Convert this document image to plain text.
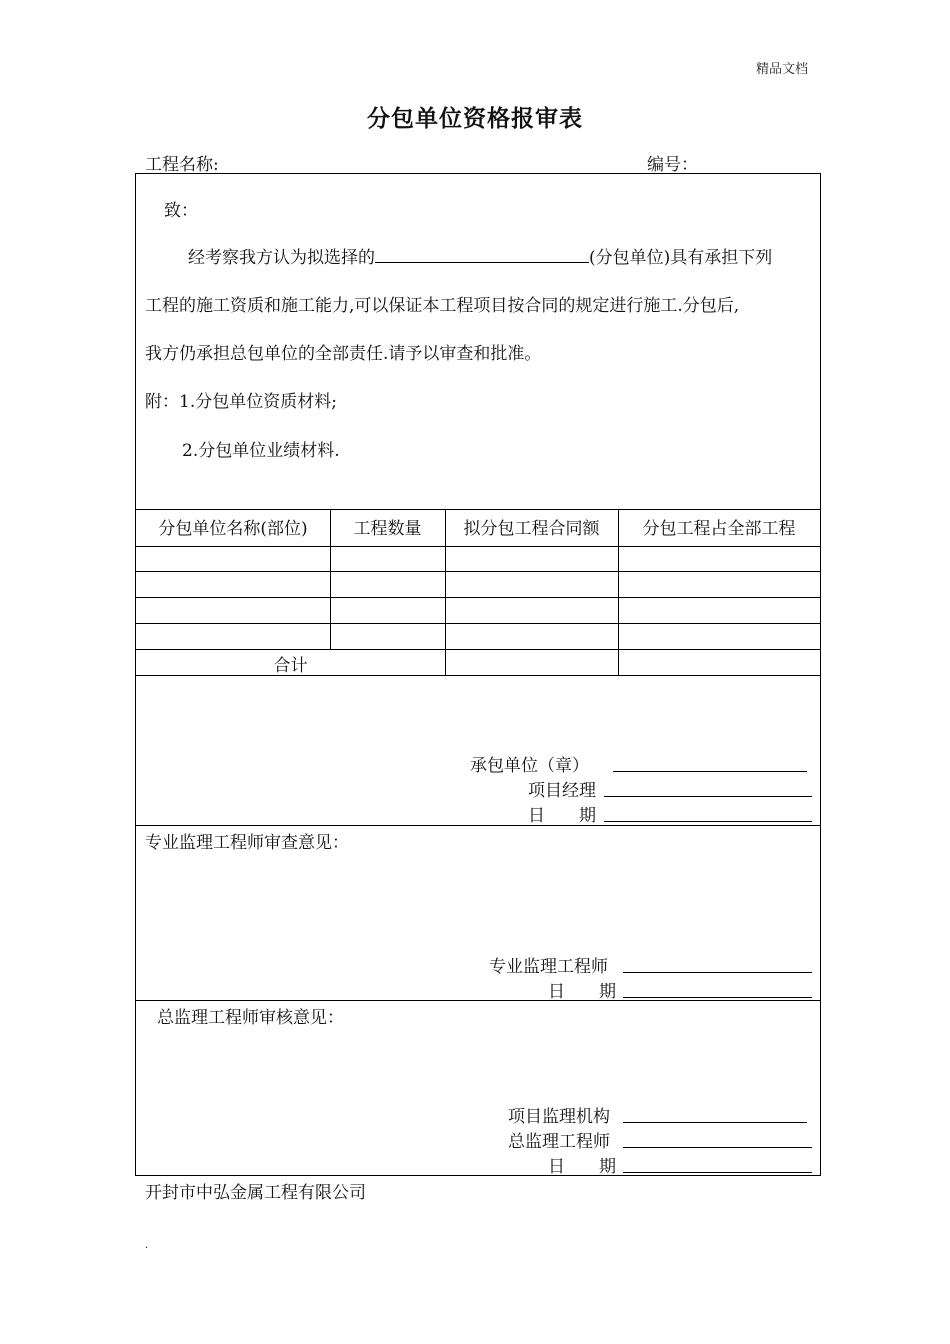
精品文档
分包单位资格报审表
工程名称:	编号：
致：
经考察我方认为拟选择的	(分包单位)具有承担下列
工程的施工资质和施工能力,可以保证本工程项目按合同的规定进行施工.分包后,
我方仍承担总包单位的全部责任.请予以审查和批准。
附：1.分包单位资质材料;
2.分包单位业绩材料.
分包单位名称(部位)	工程数量	拟分包工程合同额	分包工程占全部工程
合计
承包单位（章）
项目经理
日　　期
专业监理工程师审查意见：
专业监理工程师
日　　期
总监理工程师审核意见：
项目监理机构
总监理工程师
日　　期
开封市中弘金属工程有限公司
.
